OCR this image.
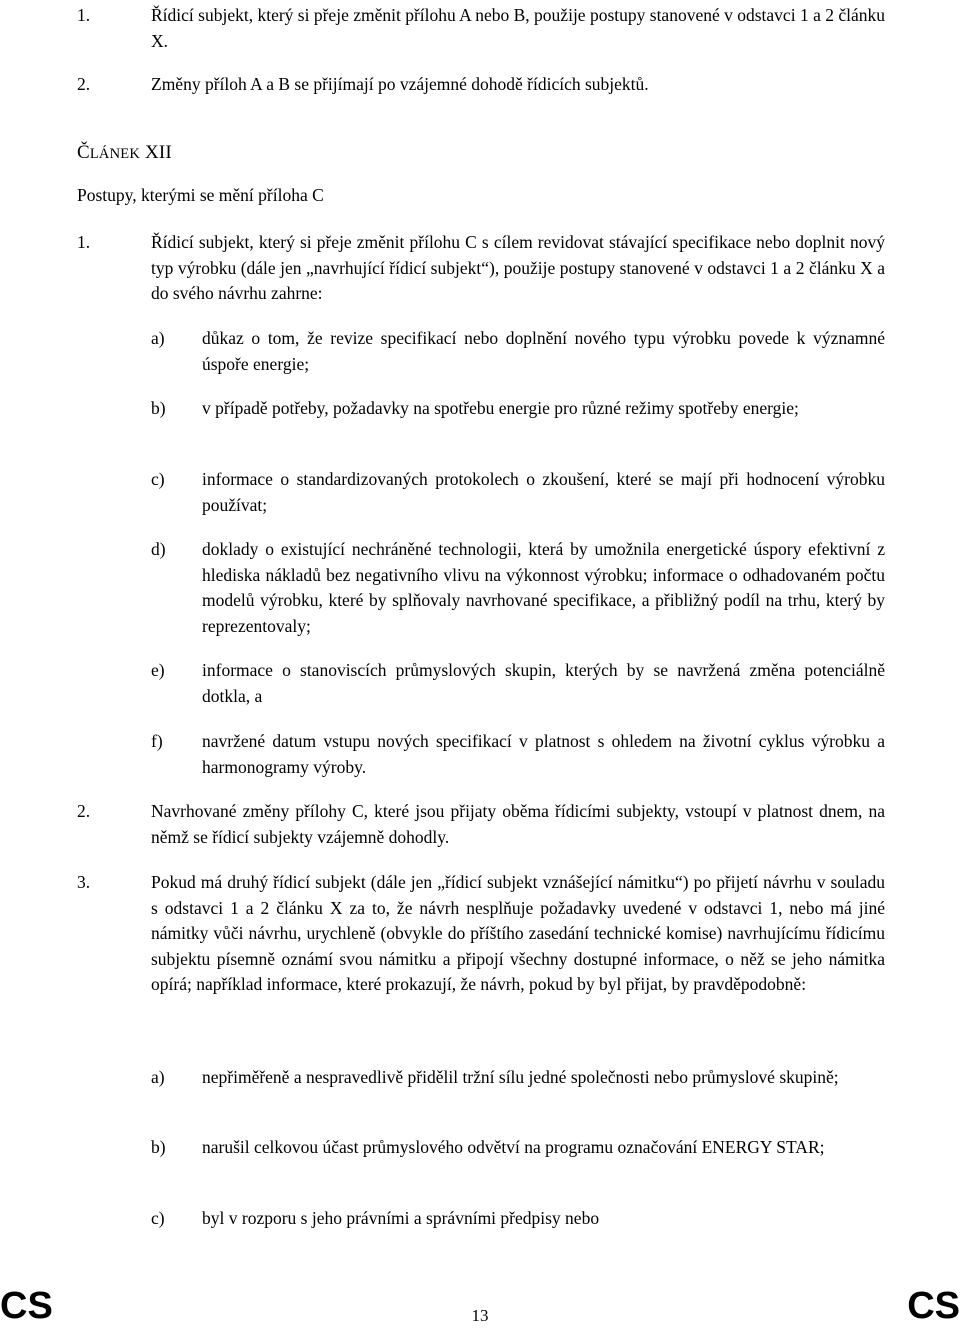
1.	Řídicí subjekt, který si přeje změnit přílohu A nebo B, použije postupy stanovené v odstavci 1 a 2 článku X.
2.	Změny příloh A a B se přijímají po vzájemné dohodě řídicích subjektů.
ČLÁNEK XII
Postupy, kterými se mění příloha C
1.	Řídicí subjekt, který si přeje změnit přílohu C s cílem revidovat stávající specifikace nebo doplnit nový typ výrobku (dále jen „navrhující řídicí subjekt“), použije postupy stanovené v odstavci 1 a 2 článku X a do svého návrhu zahrne:
a)	důkaz o tom, že revize specifikací nebo doplnění nového typu výrobku povede k významné úspoře energie;
b)	v případě potřeby, požadavky na spotřebu energie pro různé režimy spotřeby energie;
c)	informace o standardizovaných protokolech o zkoušení, které se mají při hodnocení výrobku používat;
d)	doklady o existující nechráněné technologii, která by umožnila energetické úspory efektivní z hlediska nákladů bez negativního vlivu na výkonnost výrobku; informace o odhadovaném počtu modelů výrobku, které by splňovaly navrhované specifikace, a přibližný podíl na trhu, který by reprezentovaly;
e)	informace o stanoviscích průmyslových skupin, kterých by se navržená změna potenciálně dotkla, a
f)	navržené datum vstupu nových specifikací v platnost s ohledem na životní cyklus výrobku a harmonogramy výroby.
2.	Navrhované změny přílohy C, které jsou přijaty oběma řídicími subjekty, vstoupí v platnost dnem, na němž se řídicí subjekty vzájemně dohodly.
3.	Pokud má druhý řídicí subjekt (dále jen „řídicí subjekt vznášející námitku“) po přijetí návrhu v souladu s odstavci 1 a 2 článku X za to, že návrh nesplňuje požadavky uvedené v odstavci 1, nebo má jiné námitky vůči návrhu, urychleně (obvykle do příštího zasedání technické komise) navrhujícímu řídicímu subjektu písemně oznámí svou námitku a připojí všechny dostupné informace, o něž se jeho námitka opírá; například informace, které prokazují, že návrh, pokud by byl přijat, by pravděpodobně:
a)	nepřiměřeně a nespravedlivě přidělil tržní sílu jedné společnosti nebo průmyslové skupině;
b)	narušil celkovou účast průmyslového odvětví na programu označování ENERGY STAR;
c)	byl v rozporu s jeho právními a správními předpisy nebo
CS	13	CS
